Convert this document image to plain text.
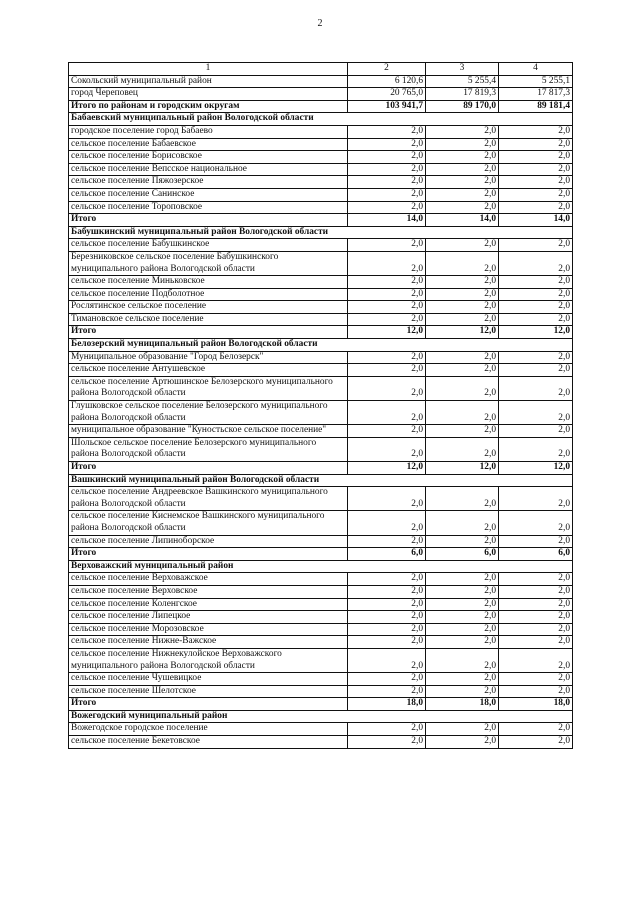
2
1	2	3	4
Сокольский муниципальный район	6 120,6	5 255,4	5 255,1
город Череповец	20 765,0	17 819,3	17 817,3
Итого по районам и городским округам	103 941,7	89 170,0	89 181,4
Бабаевский муниципальный район Вологодской области			
городское поселение город Бабаево	2,0	2,0	2,0
сельское поселение Бабаевское	2,0	2,0	2,0
сельское поселение Борисовское	2,0	2,0	2,0
сельское поселение Вепсское национальное	2,0	2,0	2,0
сельское поселение Пяжозерское	2,0	2,0	2,0
сельское поселение Санинское	2,0	2,0	2,0
сельское поселение Тороповское	2,0	2,0	2,0
Итого	14,0	14,0	14,0
Бабушкинский муниципальный район Вологодской области			
сельское поселение Бабушкинское	2,0	2,0	2,0
Березниковское сельское поселение Бабушкинского муниципального района Вологодской области	2,0	2,0	2,0
сельское поселение Миньковское	2,0	2,0	2,0
сельское поселение Подболотное	2,0	2,0	2,0
Рослятинское сельское поселение	2,0	2,0	2,0
Тимановское сельское поселение	2,0	2,0	2,0
Итого	12,0	12,0	12,0
Белозерский муниципальный район Вологодской области			
Муниципальное образование "Город Белозерск"	2,0	2,0	2,0
сельское поселение Антушевское	2,0	2,0	2,0
сельское поселение Артюшинское Белозерского муниципального района Вологодской области	2,0	2,0	2,0
Глушковское сельское поселение Белозерского муниципального района Вологодской области	2,0	2,0	2,0
муниципальное образование "Куностьское сельское поселение"	2,0	2,0	2,0
Шольское сельское поселение Белозерского муниципального района Вологодской области	2,0	2,0	2,0
Итого	12,0	12,0	12,0
Вашкинский муниципальный район Вологодской области			
сельское поселение Андреевское Вашкинского муниципального района Вологодской области	2,0	2,0	2,0
сельское поселение Киснемское Вашкинского муниципального района Вологодской области	2,0	2,0	2,0
сельское поселение Липиноборское	2,0	2,0	2,0
Итого	6,0	6,0	6,0
Верховажский муниципальный район			
сельское поселение Верховажское	2,0	2,0	2,0
сельское поселение Верховское	2,0	2,0	2,0
сельское поселение Коленгское	2,0	2,0	2,0
сельское поселение Липецкое	2,0	2,0	2,0
сельское поселение Морозовское	2,0	2,0	2,0
сельское поселение Нижне-Важское	2,0	2,0	2,0
сельское поселение Нижнекулойское Верховажского муниципального района Вологодской области	2,0	2,0	2,0
сельское поселение Чушевицкое	2,0	2,0	2,0
сельское поселение Шелотское	2,0	2,0	2,0
Итого	18,0	18,0	18,0
Вожегодский муниципальный район			
Вожегодское городское поселение	2,0	2,0	2,0
сельское поселение Бекетовское	2,0	2,0	2,0
